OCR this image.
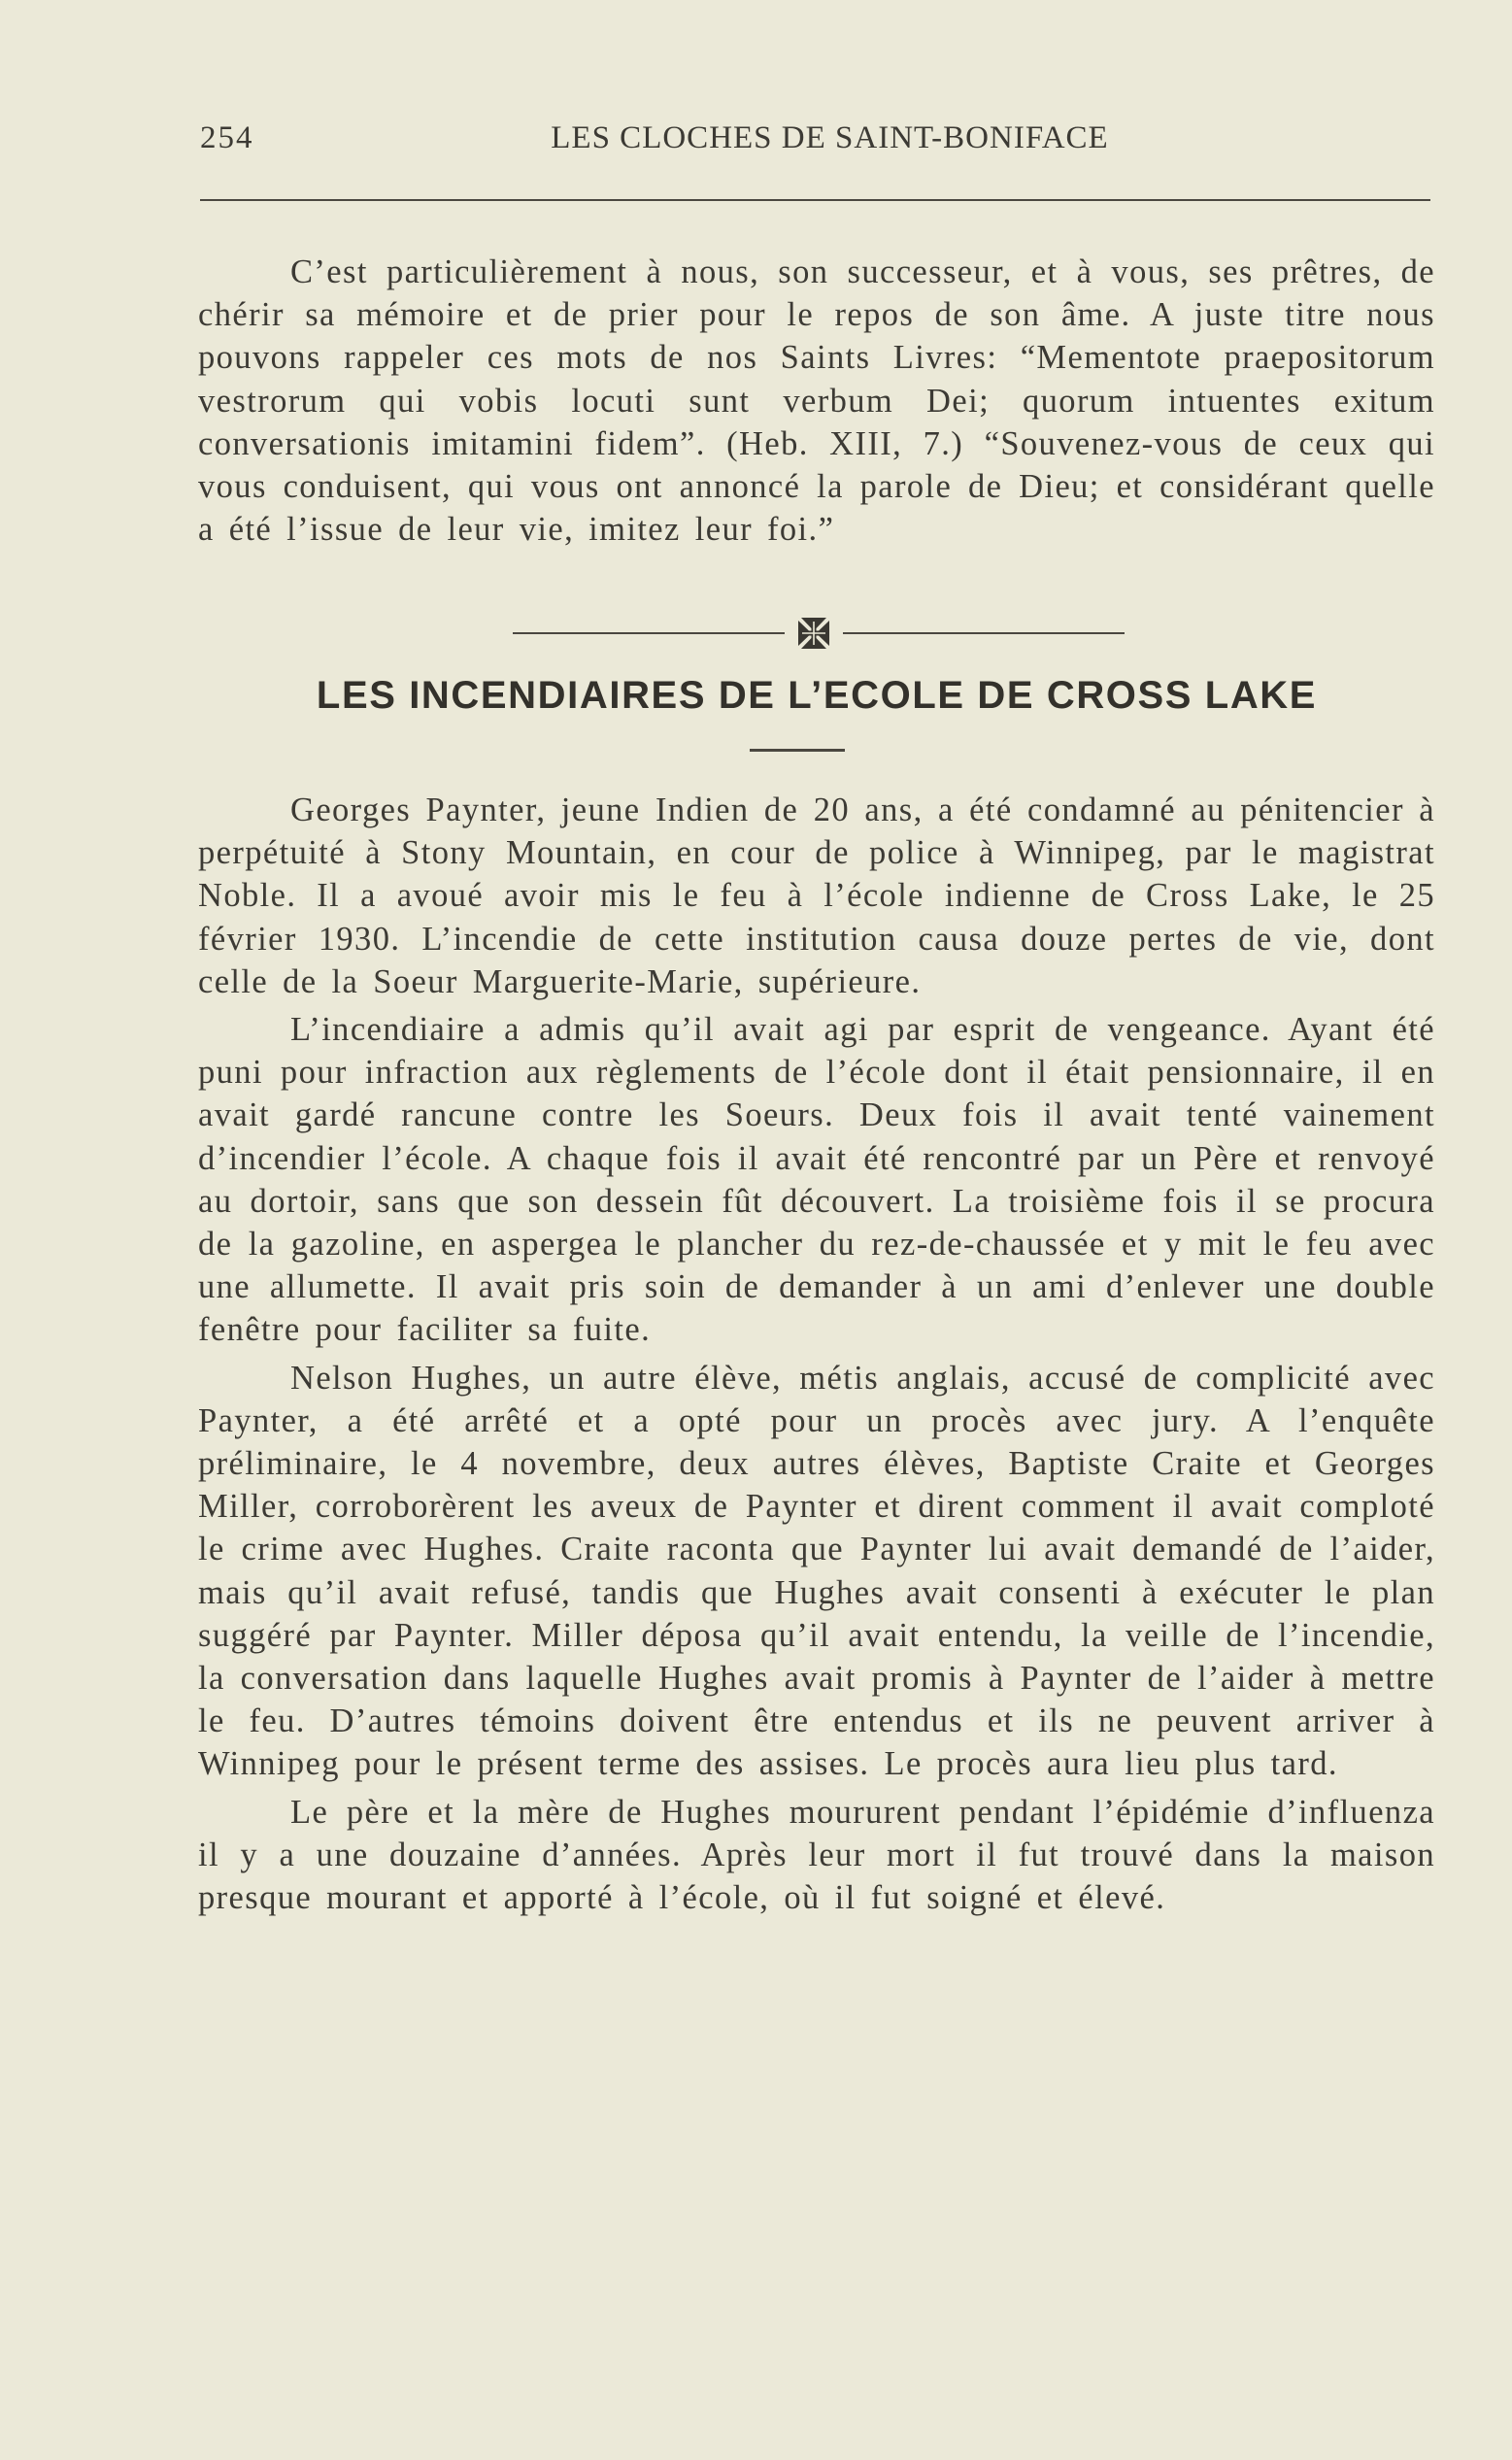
254	LES CLOCHES DE SAINT-BONIFACE

C’est particulièrement à nous, son successeur, et à vous, ses prêtres, de chérir sa mémoire et de prier pour le repos de son âme. A juste titre nous pouvons rappeler ces mots de nos Saints Livres: “Mementote praepositorum vestrorum qui vobis locuti sunt verbum Dei; quorum intuentes exitum conversationis imitamini fidem”. (Heb. XIII, 7.) “Souvenez-vous de ceux qui vous conduisent, qui vous ont annoncé la parole de Dieu; et considérant quelle a été l’issue de leur vie, imitez leur foi.”

LES INCENDIAIRES DE L’ECOLE DE CROSS LAKE

Georges Paynter, jeune Indien de 20 ans, a été condamné au pénitencier à perpétuité à Stony Mountain, en cour de police à Winnipeg, par le magistrat Noble. Il a avoué avoir mis le feu à l’école indienne de Cross Lake, le 25 février 1930. L’incendie de cette institution causa douze pertes de vie, dont celle de la Soeur Marguerite-Marie, supérieure.

L’incendiaire a admis qu’il avait agi par esprit de vengeance. Ayant été puni pour infraction aux règlements de l’école dont il était pensionnaire, il en avait gardé rancune contre les Soeurs. Deux fois il avait tenté vainement d’incendier l’école. A chaque fois il avait été rencontré par un Père et renvoyé au dortoir, sans que son dessein fût découvert. La troisième fois il se procura de la gazoline, en aspergea le plancher du rez-de-chaussée et y mit le feu avec une allumette. Il avait pris soin de demander à un ami d’enlever une double fenêtre pour faciliter sa fuite.

Nelson Hughes, un autre élève, métis anglais, accusé de complicité avec Paynter, a été arrêté et a opté pour un procès avec jury. A l’enquête préliminaire, le 4 novembre, deux autres élèves, Baptiste Craite et Georges Miller, corroborèrent les aveux de Paynter et dirent comment il avait comploté le crime avec Hughes. Craite raconta que Paynter lui avait demandé de l’aider, mais qu’il avait refusé, tandis que Hughes avait consenti à exécuter le plan suggéré par Paynter. Miller déposa qu’il avait entendu, la veille de l’incendie, la conversation dans laquelle Hughes avait promis à Paynter de l’aider à mettre le feu. D’autres témoins doivent être entendus et ils ne peuvent arriver à Winnipeg pour le présent terme des assises. Le procès aura lieu plus tard.

Le père et la mère de Hughes moururent pendant l’épidémie d’influenza il y a une douzaine d’années. Après leur mort il fut trouvé dans la maison presque mourant et apporté à l’école, où il fut soigné et élevé.
